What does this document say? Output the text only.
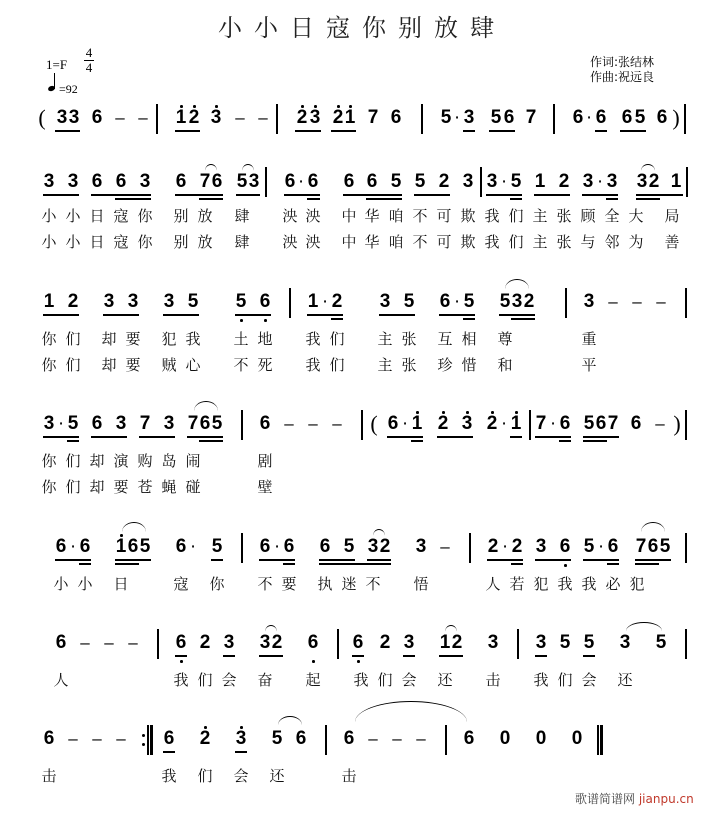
小小日寇你别放肆
1=F
4
4
=92
作词:张结林
作曲:祝远良
( 3 3 6 – – 1 2 3 – – 2 3 2 1 7 6 5 · 3 5 6 7 6 · 6 6 5 6 )
3 3 6 6 3 6 7 6 5 3 6 · 6 6 6 5 5 2 3 3 · 5 1 2 3 · 3 3 2 1
小 小 日 寇 你 别 放 肆 泱 泱 中 华 咱 不 可 欺 我 们 主 张 顾 全 大 局
小 小 日 寇 你 别 放 肆 泱 泱 中 华 咱 不 可 欺 我 们 主 张 与 邻 为 善
1 2 3 3 3 5 5 6 1 · 2 3 5 6 · 5 5 3 2	3 – – –
你 们 却 要 犯 我 土 地 我 们 主 张 互 相 尊	重
你 们 却 要 贼 心 不 死 我 们 主 张 珍 惜 和	平
3 · 5 6 3 7 3 7 6 5 6 – – – ( 6 · 1 2 3 2 · 1 7 · 6 5 6 7 6 – )
你 们 却 演 购 岛 闹	剧
你 们 却 要 苍 蝇 碰	壁
6 · 6 1 6 5 6 · 5 6 · 6 6 5 3 2 3 – 2 · 2 3 6 5 · 6 7 6 5
小 小 日	寇 你 不 要 执 迷 不 悟	人 若 犯 我 我 必 犯
6 – – – 6 2 3 3 2 6 6 2 3 1 2 3 3 5 5 3 5
人	我 们 会 奋 起 我 们 会 还 击 我 们 会 还
6 – – – 6 2 3 5 6 6 – – – 6 0 0 0
击	我 们 会 还	击
歌谱简谱网 jianpu.cn
